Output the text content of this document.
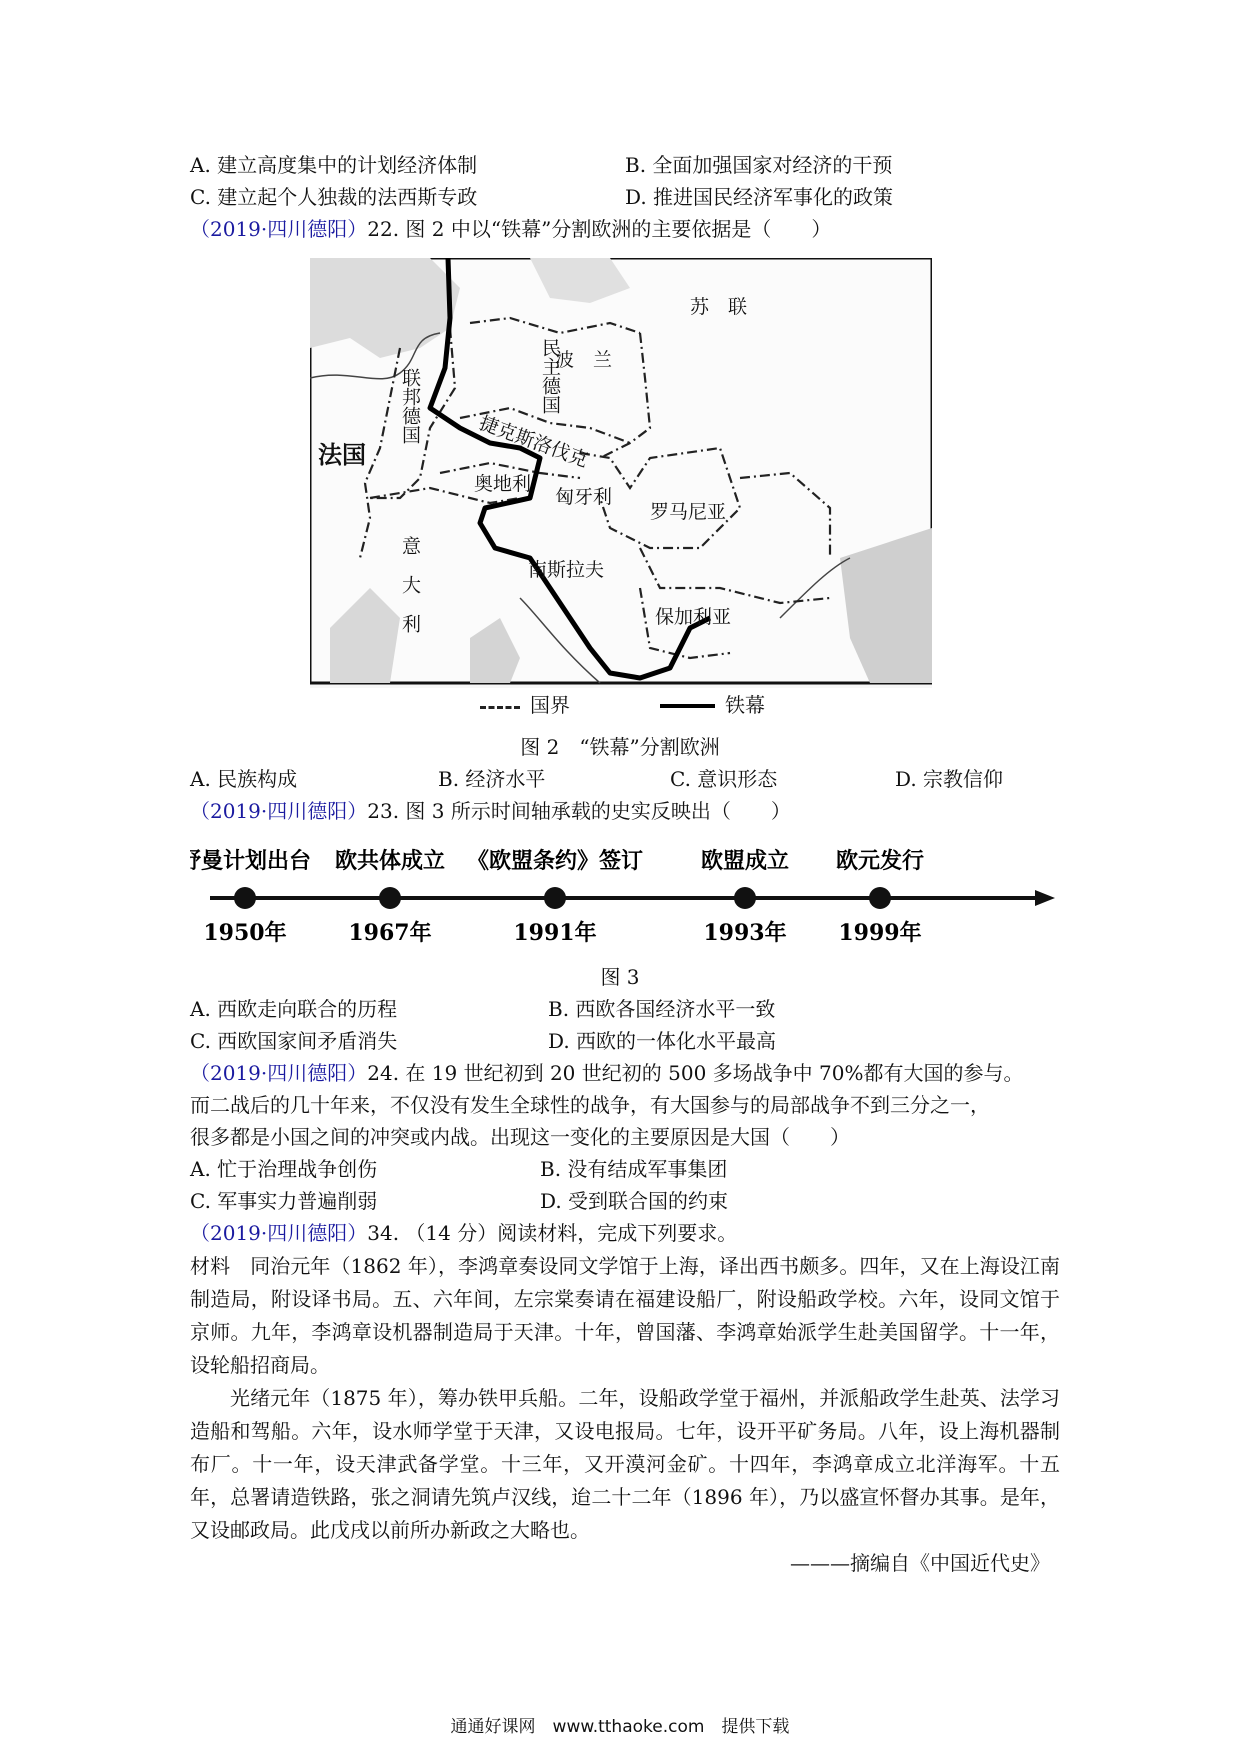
A. 建立高度集中的计划经济体制	B. 全面加强国家对经济的干预
C. 建立起个人独裁的法西斯专政	D. 推进国民经济军事化的政策
（2019·四川德阳）22. 图 2 中以“铁幕”分割欧洲的主要依据是（　　）
苏　联
民主德国
波　兰
联邦德国
法国	捷克斯洛伐克
奥地利
匈牙利
罗马尼亚
意大利	南斯拉夫
保加利亚
国界	铁幕
图 2　“铁幕”分割欧洲
A. 民族构成	B. 经济水平	C. 意识形态	D. 宗教信仰
（2019·四川德阳）23. 图 3 所示时间轴承载的史实反映出（　　）
舒曼计划出台
1950年
欧共体成立
1967年
《欧盟条约》签订
1991年
欧盟成立
1993年
欧元发行
1999年
图 3
A. 西欧走向联合的历程	B. 西欧各国经济水平一致
C. 西欧国家间矛盾消失	D. 西欧的一体化水平最高
（2019·四川德阳）24. 在 19 世纪初到 20 世纪初的 500 多场战争中 70%都有大国的参与。
而二战后的几十年来，不仅没有发生全球性的战争，有大国参与的局部战争不到三分之一，
很多都是小国之间的冲突或内战。出现这一变化的主要原因是大国（　　）
A. 忙于治理战争创伤	B. 没有结成军事集团
C. 军事实力普遍削弱	D. 受到联合国的约束
（2019·四川德阳）34. （14 分）阅读材料，完成下列要求。
材料　同治元年（1862 年），李鸿章奏设同文学馆于上海，译出西书颇多。四年，又在上海设江南制造局，附设译书局。五、六年间，左宗棠奏请在福建设船厂，附设船政学校。六年，设同文馆于京师。九年，李鸿章设机器制造局于天津。十年，曾国藩、李鸿章始派学生赴美国留学。十一年，设轮船招商局。
光绪元年（1875 年），筹办铁甲兵船。二年，设船政学堂于福州，并派船政学生赴英、法学习造船和驾船。六年，设水师学堂于天津，又设电报局。七年，设开平矿务局。八年，设上海机器制布厂。十一年，设天津武备学堂。十三年，又开漠河金矿。十四年，李鸿章成立北洋海军。十五年，总署请造铁路，张之洞请先筑卢汉线，迨二十二年（1896 年），乃以盛宣怀督办其事。是年，又设邮政局。此戊戌以前所办新政之大略也。
———摘编自《中国近代史》
通通好课网　www.tthaoke.com　提供下载
